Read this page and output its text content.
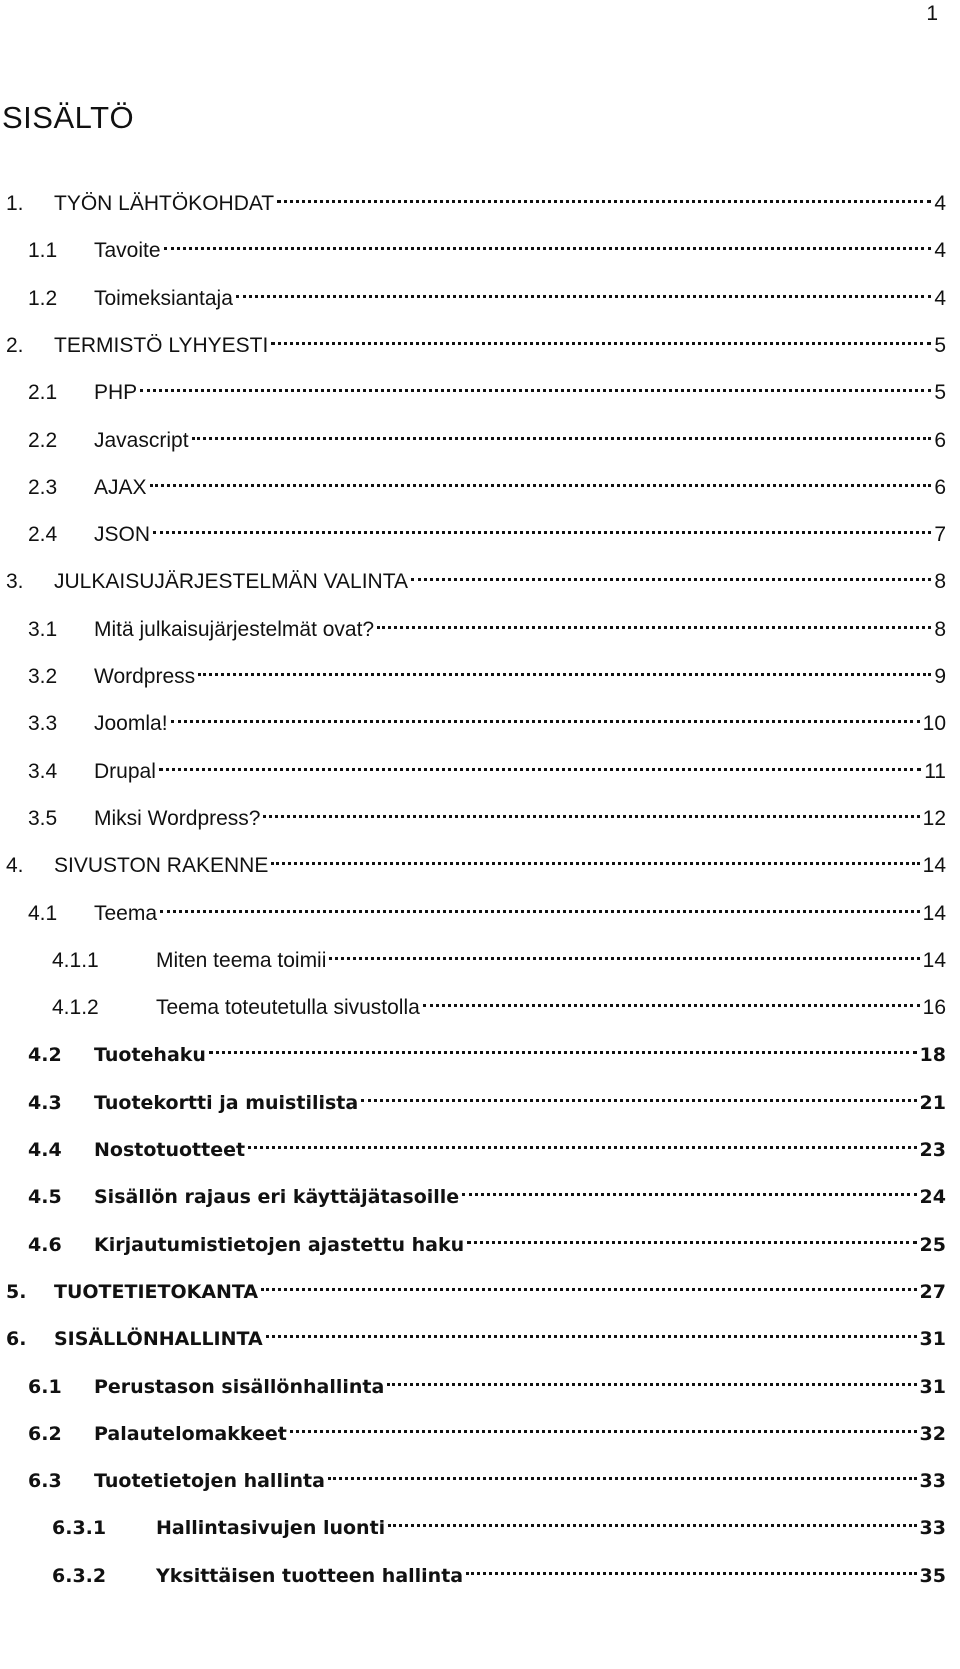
1
SISÄLTÖ
1.	TYÖN LÄHTÖKOHDAT	4
1.1	Tavoite	4
1.2	Toimeksiantaja	4
2.	TERMISTÖ LYHYESTI	5
2.1	PHP	5
2.2	Javascript	6
2.3	AJAX	6
2.4	JSON	7
3.	JULKAISUJÄRJESTELMÄN VALINTA	8
3.1	Mitä julkaisujärjestelmät ovat?	8
3.2	Wordpress	9
3.3	Joomla!	10
3.4	Drupal	11
3.5	Miksi Wordpress?	12
4.	SIVUSTON RAKENNE	14
4.1	Teema	14
4.1.1	Miten teema toimii	14
4.1.2	Teema toteutetulla sivustolla	16
4.2	Tuotehaku	18
4.3	Tuotekortti ja muistilista	21
4.4	Nostotuotteet	23
4.5	Sisällön rajaus eri käyttäjätasoille	24
4.6	Kirjautumistietojen ajastettu haku	25
5.	TUOTETIETOKANTA	27
6.	SISÄLLÖNHALLINTA	31
6.1	Perustason sisällönhallinta	31
6.2	Palautelomakkeet	32
6.3	Tuotetietojen hallinta	33
6.3.1	Hallintasivujen luonti	33
6.3.2	Yksittäisen tuotteen hallinta	35
